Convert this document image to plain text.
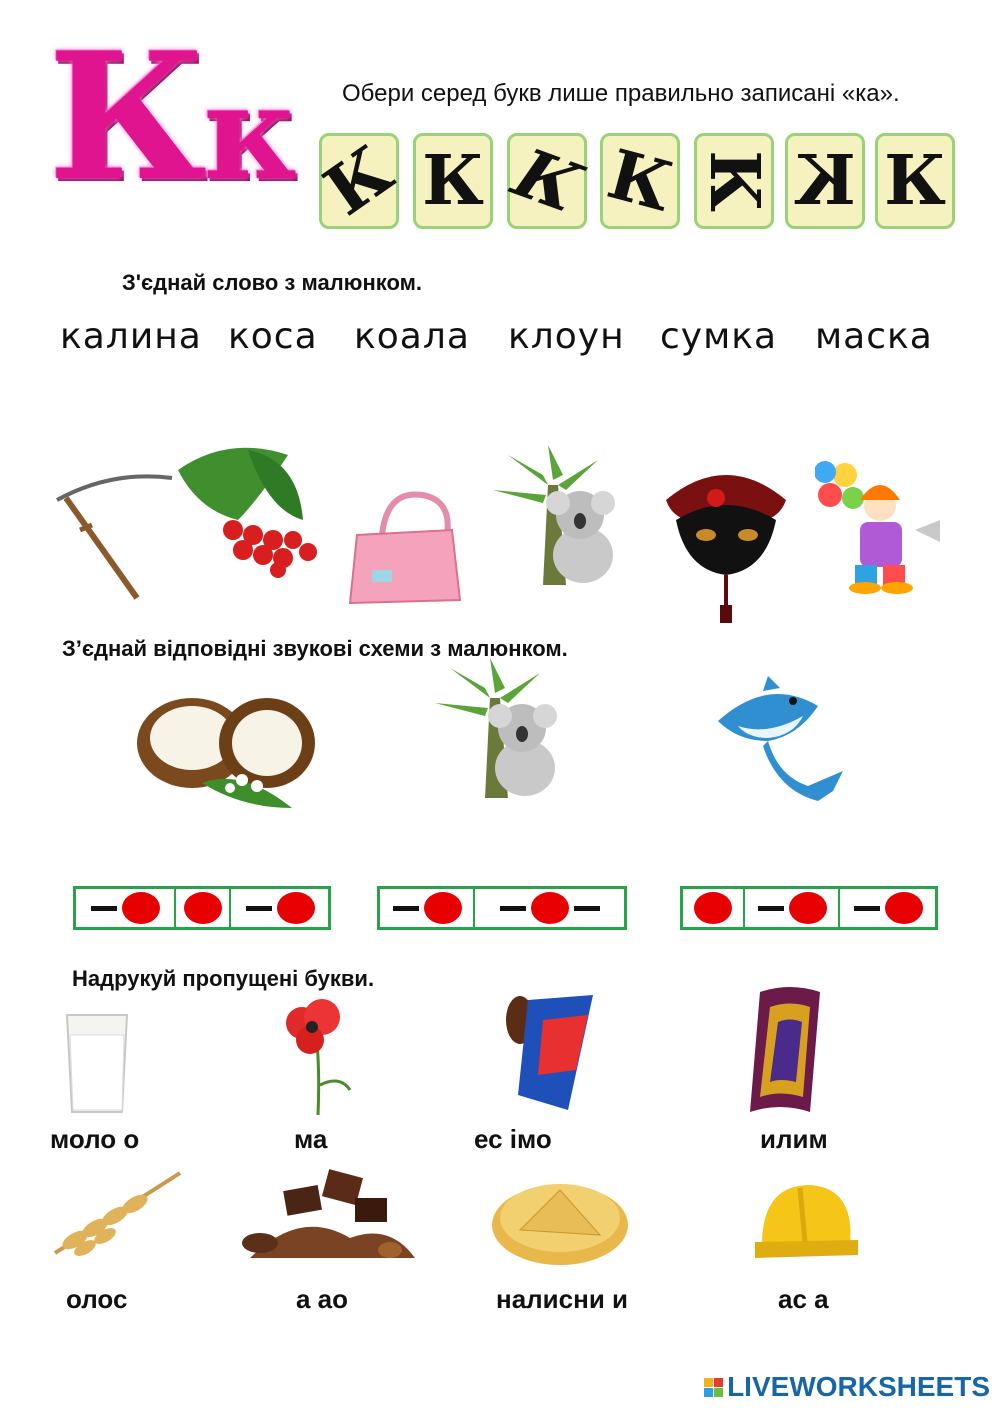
Кк Обери серед букв лише правильно записані «ка».
К К К К К К К
З'єднай слово з малюнком.
калина коса коала клоун сумка маска
З’єднай відповідні звукові схеми з малюнком.
Надрукуй пропущені букви.
моло о	ма	ес імо	илим
олос	а ао	налисни и	ас а
LIVEWORKSHEETS
